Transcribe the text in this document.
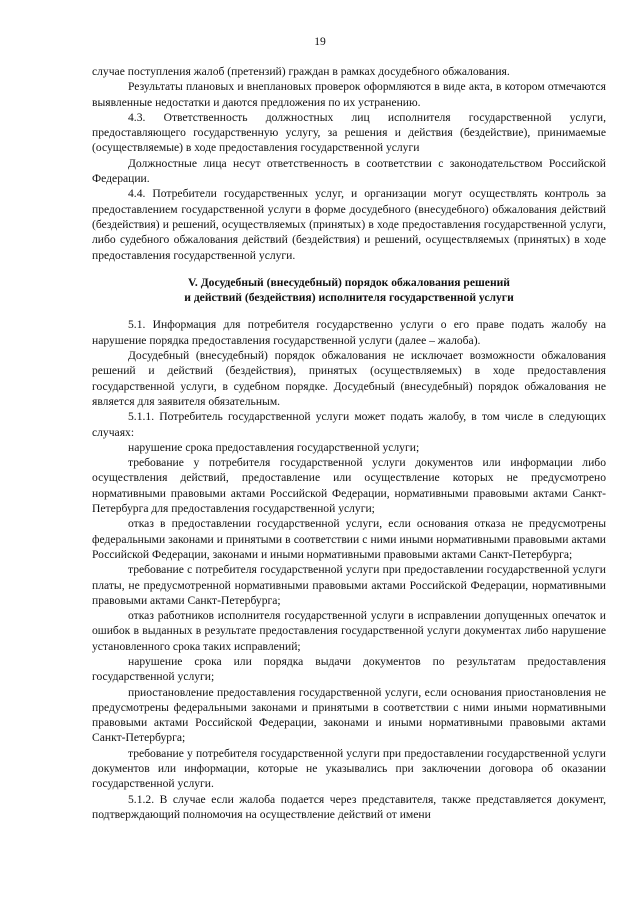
19

случае поступления жалоб (претензий) граждан в рамках досудебного обжалования.

Результаты плановых и внеплановых проверок оформляются в виде акта, в котором отмечаются выявленные недостатки и даются предложения по их устранению.

4.3. Ответственность должностных лиц исполнителя государственной услуги, предоставляющего государственную услугу, за решения и действия (бездействие), принимаемые (осуществляемые) в ходе предоставления государственной услуги

Должностные лица несут ответственность в соответствии с законодательством Российской Федерации.

4.4. Потребители государственных услуг, и организации могут осуществлять контроль за предоставлением государственной услуги в форме досудебного (внесудебного) обжалования действий (бездействия) и решений, осуществляемых (принятых) в ходе предоставления государственной услуги, либо судебного обжалования действий (бездействия) и решений, осуществляемых (принятых) в ходе предоставления государственной услуги.

V. Досудебный (внесудебный) порядок обжалования решений
и действий (бездействия) исполнителя государственной услуги

5.1. Информация для потребителя государственно услуги о его праве подать жалобу на нарушение порядка предоставления государственной услуги (далее – жалоба).

Досудебный (внесудебный) порядок обжалования не исключает возможности обжалования решений и действий (бездействия), принятых (осуществляемых) в ходе предоставления государственной услуги, в судебном порядке. Досудебный (внесудебный) порядок обжалования не является для заявителя обязательным.

5.1.1. Потребитель государственной услуги может подать жалобу, в том числе в следующих случаях:

нарушение срока предоставления государственной услуги;

требование у потребителя государственной услуги документов или информации либо осуществления действий, предоставление или осуществление которых не предусмотрено нормативными правовыми актами Российской Федерации, нормативными правовыми актами Санкт-Петербурга для предоставления государственной услуги;

отказ в предоставлении государственной услуги, если основания отказа не предусмотрены федеральными законами и принятыми в соответствии с ними иными нормативными правовыми актами Российской Федерации, законами и иными нормативными правовыми актами Санкт-Петербурга;

требование с потребителя государственной услуги при предоставлении государственной услуги платы, не предусмотренной нормативными правовыми актами Российской Федерации, нормативными правовыми актами Санкт-Петербурга;

отказ работников исполнителя государственной услуги в исправлении допущенных опечаток и ошибок в выданных в результате предоставления государственной услуги документах либо нарушение установленного срока таких исправлений;

нарушение срока или порядка выдачи документов по результатам предоставления государственной услуги;

приостановление предоставления государственной услуги, если основания приостановления не предусмотрены федеральными законами и принятыми в соответствии с ними иными нормативными правовыми актами Российской Федерации, законами и иными нормативными правовыми актами Санкт-Петербурга;

требование у потребителя государственной услуги при предоставлении государственной услуги документов или информации, которые не указывались при заключении договора об оказании государственной услуги.

5.1.2. В случае если жалоба подается через представителя, также представляется документ, подтверждающий полномочия на осуществление действий от имени
